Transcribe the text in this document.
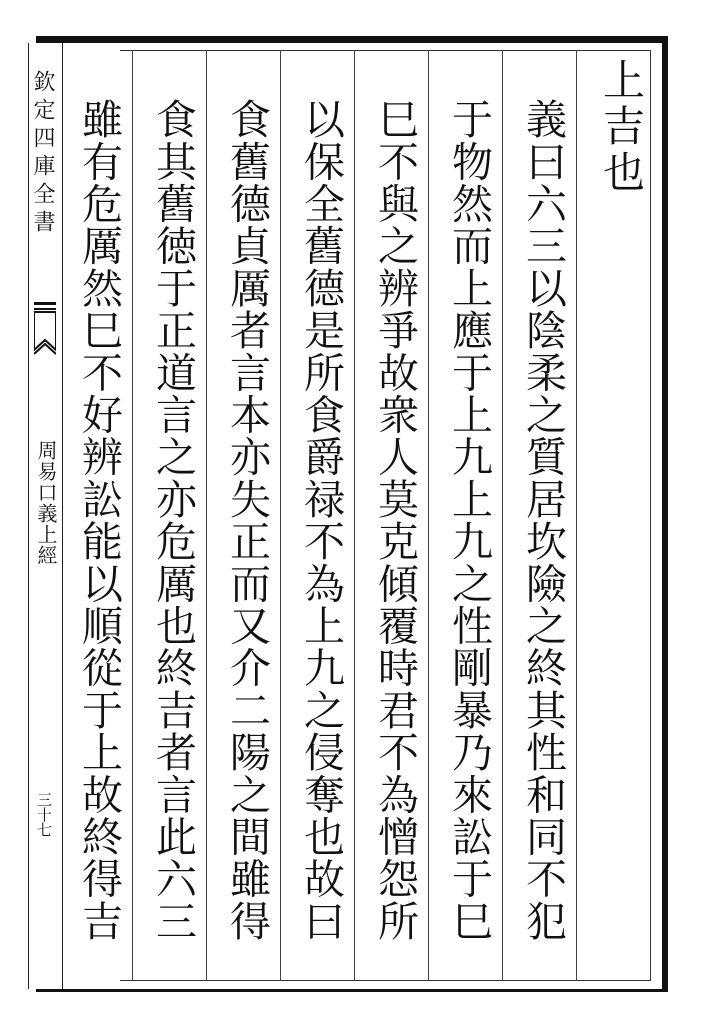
欽定四庫全書
周易口義上經
三十七
上吉也
義曰六三以陰柔之質居坎險之終其性和同不犯
于物然而上應于上九上九之性剛暴乃來訟于巳
巳不與之辨爭故衆人莫克傾覆時君不為憎怨所
以保全舊德是所食爵禄不為上九之侵奪也故曰
食舊德貞厲者言本亦失正而又介二陽之間雖得
食其舊徳于正道言之亦危厲也終吉者言此六三
雖有危厲然巳不好辨訟能以順從于上故終得吉
